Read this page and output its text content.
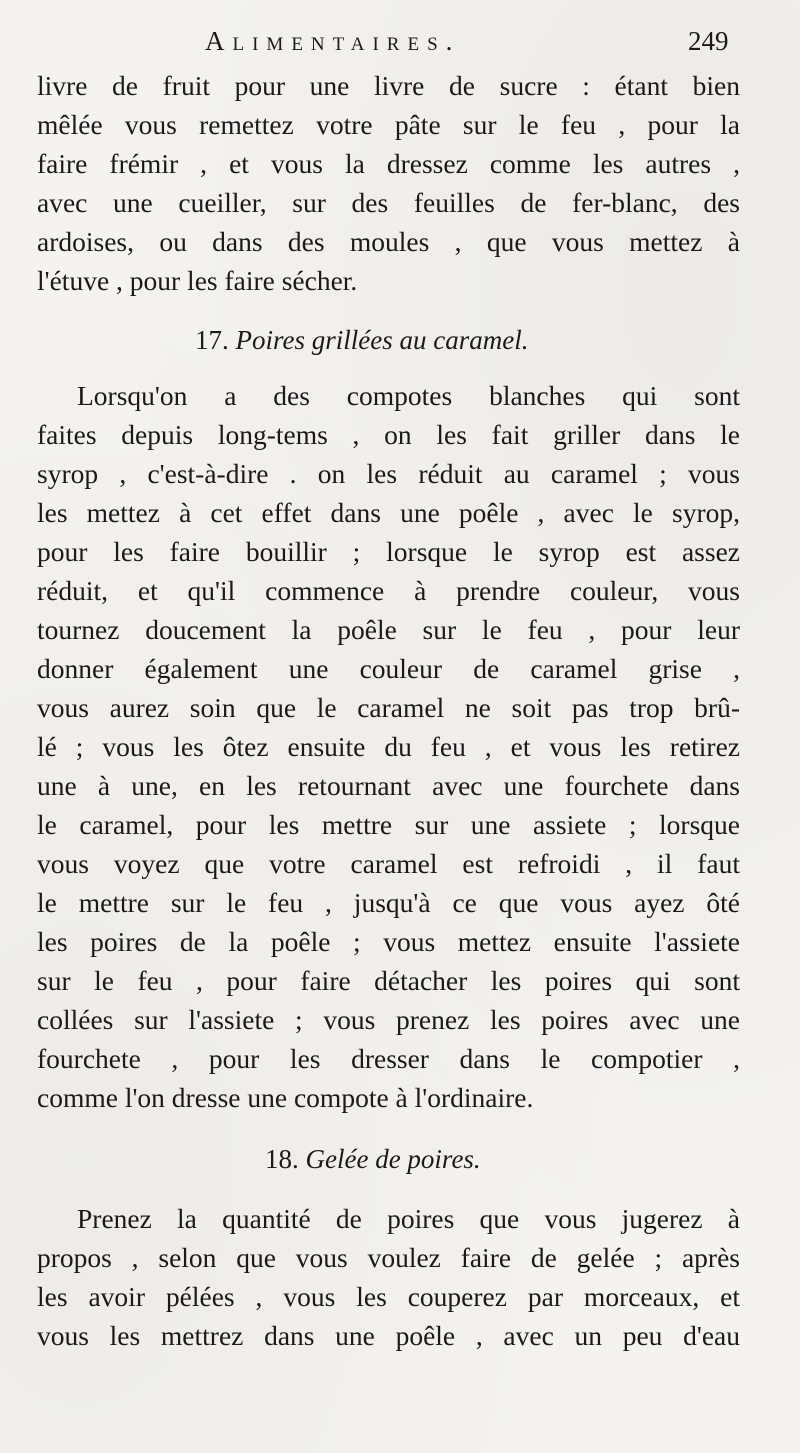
Alimentaires.	249
livre de fruit pour une livre de sucre : étant bien
mêlée vous remettez votre pâte sur le feu , pour la
faire frémir , et vous la dressez comme les autres ,
avec une cueiller, sur des feuilles de fer-blanc, des
ardoises, ou dans des moules , que vous mettez à
l'étuve , pour les faire sécher.
17. Poires grillées au caramel.
Lorsqu'on a des compotes blanches qui sont
faites depuis long-tems , on les fait griller dans le
syrop , c'est-à-dire . on les réduit au caramel ; vous
les mettez à cet effet dans une poêle , avec le syrop,
pour les faire bouillir ; lorsque le syrop est assez
réduit, et qu'il commence à prendre couleur, vous
tournez doucement la poêle sur le feu , pour leur
donner également une couleur de caramel grise ,
vous aurez soin que le caramel ne soit pas trop brû-
lé ; vous les ôtez ensuite du feu , et vous les retirez
une à une, en les retournant avec une fourchete dans
le caramel, pour les mettre sur une assiete ; lorsque
vous voyez que votre caramel est refroidi , il faut
le mettre sur le feu , jusqu'à ce que vous ayez ôté
les poires de la poêle ; vous mettez ensuite l'assiete
sur le feu , pour faire détacher les poires qui sont
collées sur l'assiete ; vous prenez les poires avec une
fourchete , pour les dresser dans le compotier ,
comme l'on dresse une compote à l'ordinaire.
18. Gelée de poires.
Prenez la quantité de poires que vous jugerez à
propos , selon que vous voulez faire de gelée ; après
les avoir pélées , vous les couperez par morceaux, et
vous les mettrez dans une poêle , avec un peu d'eau
